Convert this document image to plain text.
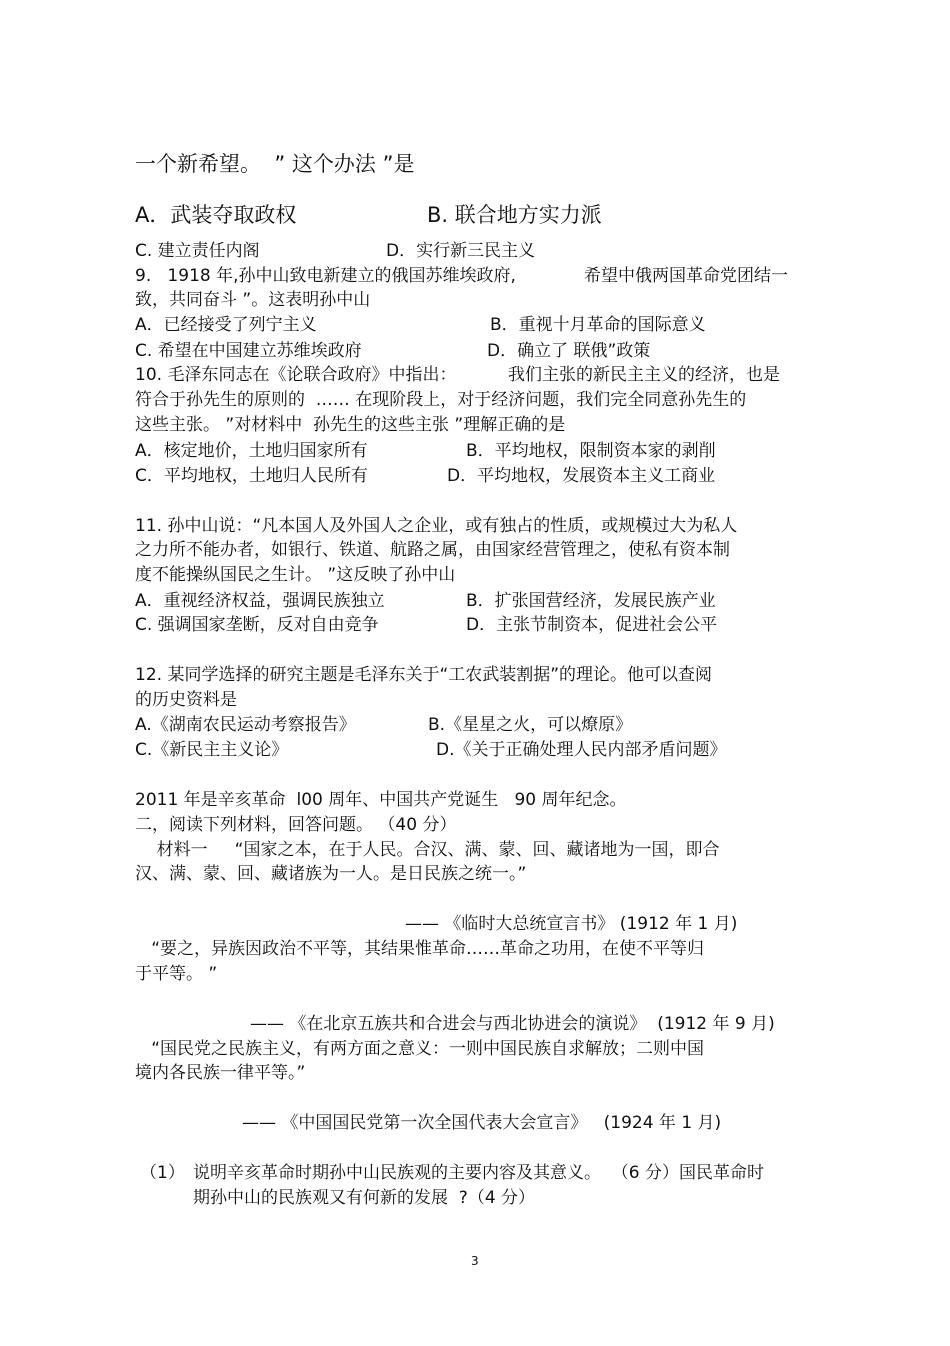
一个新希望。  ” 这个办法 ”是
A．武装夺取政权	B. 联合地方实力派
C. 建立责任内阁	D．实行新三民主义
9.   1918 年,孙中山致电新建立的俄国苏维埃政府,	希望中俄两国革命党团结一
致，共同奋斗 ”。这表明孙中山
A．已经接受了列宁主义	B．重视十月革命的国际意义
C. 希望在中国建立苏维埃政府	D．确立了 联俄”政策
10. 毛泽东同志在《论联合政府》中指出：	我们主张的新民主主义的经济，也是
符合于孙先生的原则的  …… 在现阶段上，对于经济问题，我们完全同意孙先生的
这些主张。 ”对材料中  孙先生的这些主张 ”理解正确的是
A．核定地价，土地归国家所有	B．平均地权，限制资本家的剥削
C．平均地权，土地归人民所有	D．平均地权，发展资本主义工商业
11. 孙中山说：“凡本国人及外国人之企业，或有独占的性质，或规模过大为私人
之力所不能办者，如银行、铁道、航路之属，由国家经营管理之，使私有资本制
度不能操纵国民之生计。 ”这反映了孙中山
A．重视经济权益，强调民族独立	B．扩张国营经济，发展民族产业
C. 强调国家垄断，反对自由竞争	D．主张节制资本，促进社会公平
12. 某同学选择的研究主题是毛泽东关于“工农武装割据”的理论。他可以查阅
的历史资料是
A.《湖南农民运动考察报告》	B.《星星之火，可以燎原》
C.《新民主主义论》	D.《关于正确处理人民内部矛盾问题》
2011 年是辛亥革命  l00 周年、中国共产党诞生   90 周年纪念。
二，阅读下列材料，回答问题。 （40 分）
材料一     “国家之本，在于人民。合汉、满、蒙、回、藏诸地为一国，即合
汉、满、蒙、回、藏诸族为一人。是日民族之统一。”
—— 《临时大总统宣言书》 (1912 年 1 月)
“要之，异族因政治不平等，其结果惟革命……革命之功用，在使不平等归
于平等。 ”
—— 《在北京五族共和合进会与西北协进会的演说》  (1912 年 9 月)
“国民党之民族主义，有两方面之意义：一则中国民族自求解放；二则中国
境内各民族一律平等。”
—— 《中国国民党第一次全国代表大会宣言》   (1924 年 1 月)
（1） 说明辛亥革命时期孙中山民族观的主要内容及其意义。  （6 分）国民革命时
期孙中山的民族观又有何新的发展  ?（4 分）
3
